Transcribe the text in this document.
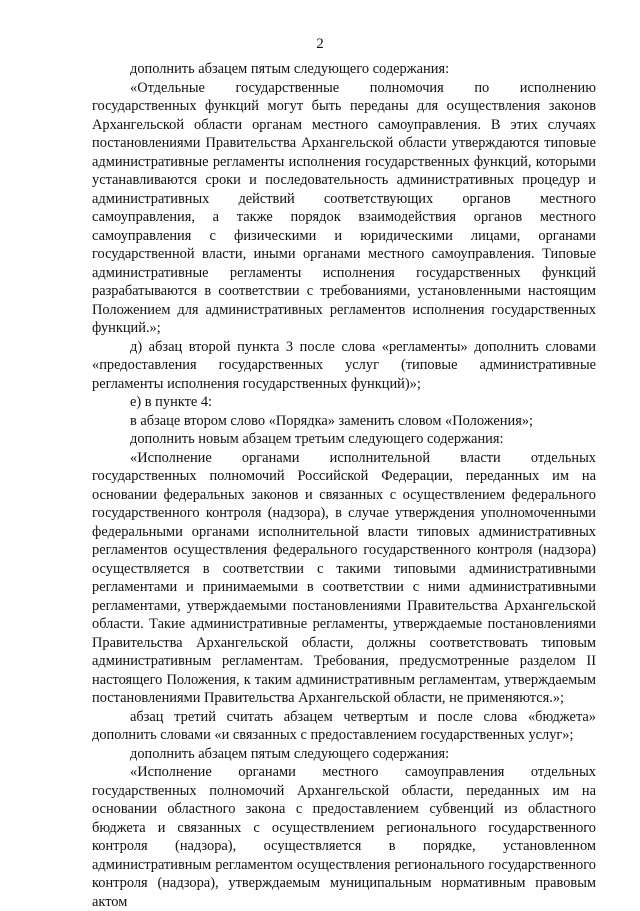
2

дополнить абзацем пятым следующего содержания:

«Отдельные государственные полномочия по исполнению государственных функций могут быть переданы для осуществления законов Архангельской области органам местного самоуправления. В этих случаях постановлениями Правительства Архангельской области утверждаются типовые административные регламенты исполнения государственных функций, которыми устанавливаются сроки и последовательность административных процедур и административных действий соответствующих органов местного самоуправления, а также порядок взаимодействия органов местного самоуправления с физическими и юридическими лицами, органами государственной власти, иными органами местного самоуправления. Типовые административные регламенты исполнения государственных функций разрабатываются в соответствии с требованиями, установленными настоящим Положением для административных регламентов исполнения государственных функций.»;

д) абзац второй пункта 3 после слова «регламенты» дополнить словами «предоставления государственных услуг (типовые административные регламенты исполнения государственных функций)»;

е) в пункте 4:

в абзаце втором слово «Порядка» заменить словом «Положения»;

дополнить новым абзацем третьим следующего содержания:

«Исполнение органами исполнительной власти отдельных государственных полномочий Российской Федерации, переданных им на основании федеральных законов и связанных с осуществлением федерального государственного контроля (надзора), в случае утверждения уполномоченными федеральными органами исполнительной власти типовых административных регламентов осуществления федерального государственного контроля (надзора) осуществляется в соответствии с такими типовыми административными регламентами и принимаемыми в соответствии с ними административными регламентами, утверждаемыми постановлениями Правительства Архангельской области. Такие административные регламенты, утверждаемые постановлениями Правительства Архангельской области, должны соответствовать типовым административным регламентам. Требования, предусмотренные разделом II настоящего Положения, к таким административным регламентам, утверждаемым постановлениями Правительства Архангельской области, не применяются.»;

абзац третий считать абзацем четвертым и после слова «бюджета» дополнить словами «и связанных с предоставлением государственных услуг»;

дополнить абзацем пятым следующего содержания:

«Исполнение органами местного самоуправления отдельных государственных полномочий Архангельской области, переданных им на основании областного закона с предоставлением субвенций из областного бюджета и связанных с осуществлением регионального государственного контроля (надзора), осуществляется в порядке, установленном административным регламентом осуществления регионального государственного контроля (надзора), утверждаемым муниципальным нормативным правовым актом
